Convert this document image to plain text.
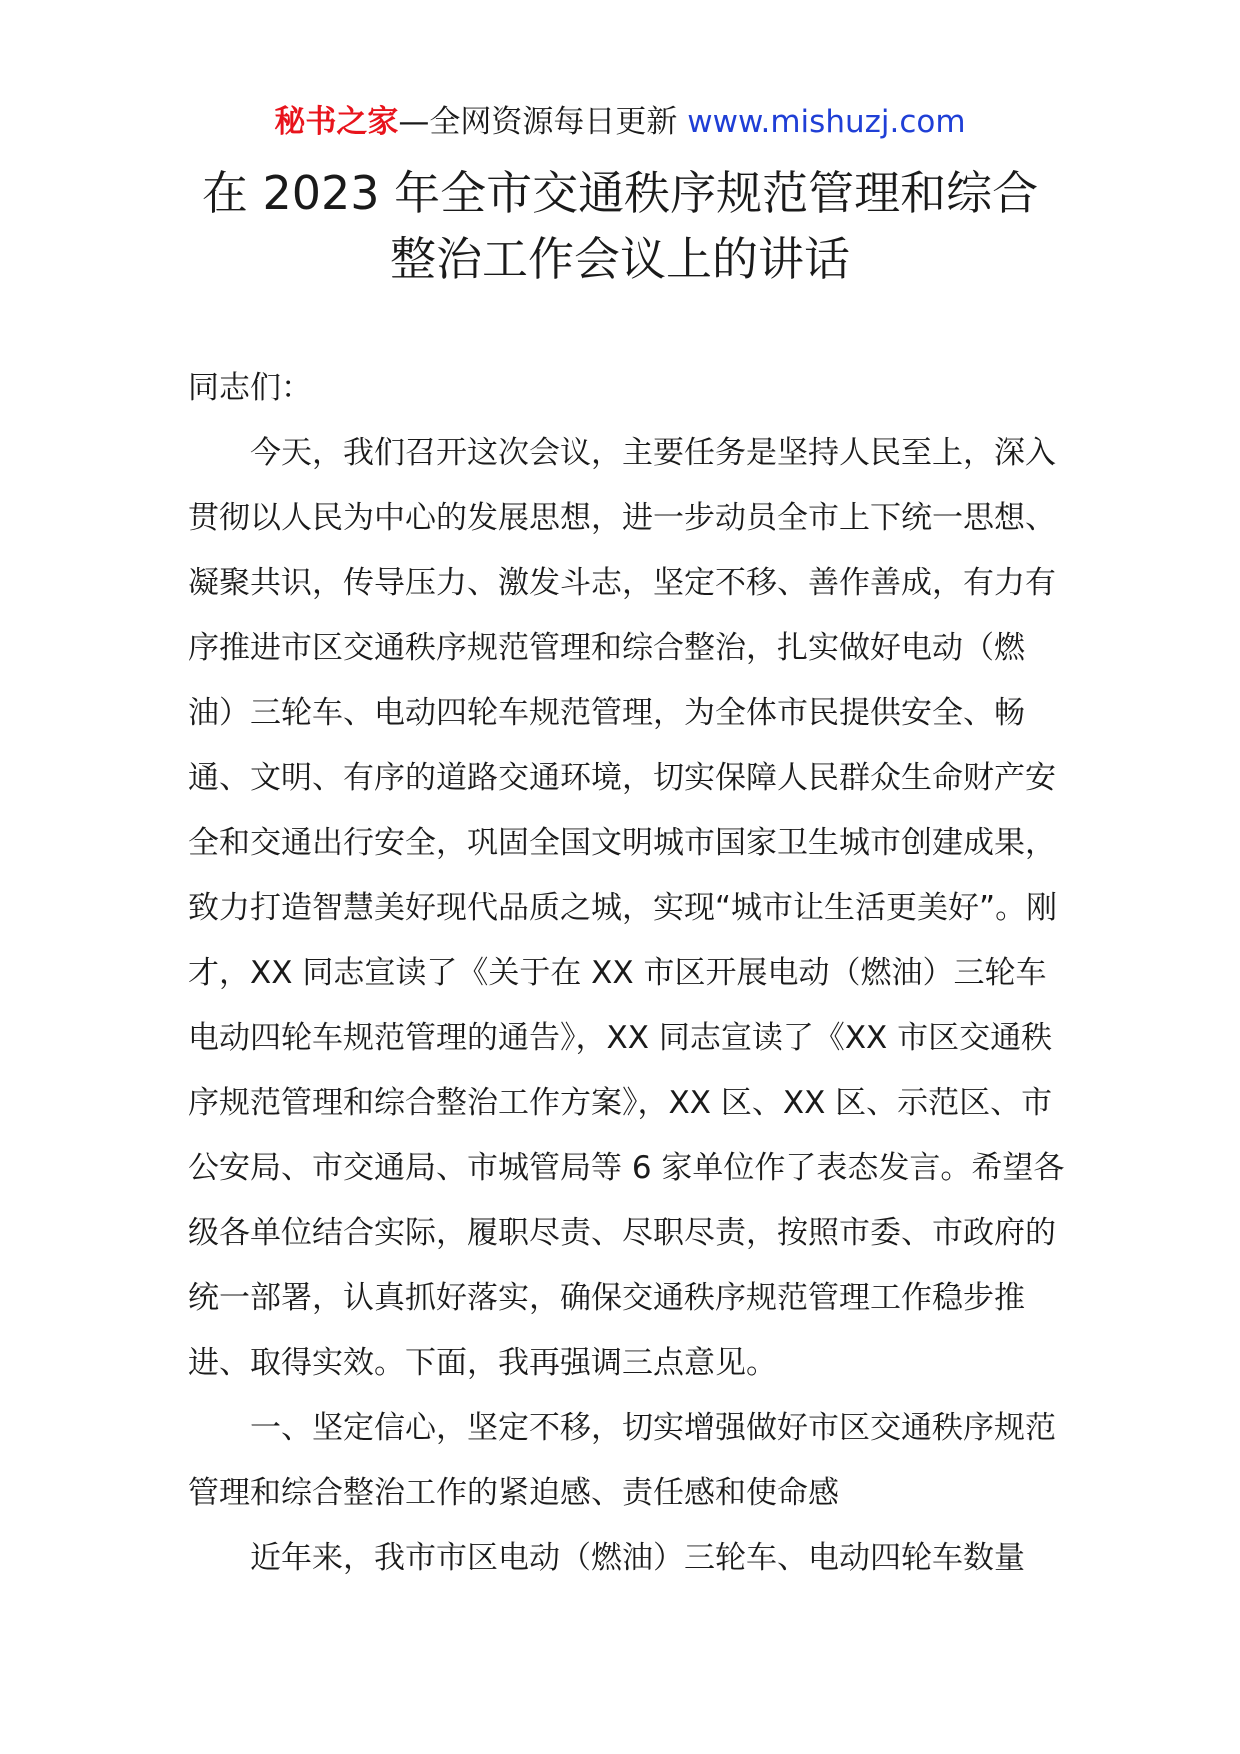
秘书之家—全网资源每日更新 www.mishuzj.com
在 2023 年全市交通秩序规范管理和综合
整治工作会议上的讲话

同志们：

今天，我们召开这次会议，主要任务是坚持人民至上，深入贯彻以人民为中心的发展思想，进一步动员全市上下统一思想、凝聚共识，传导压力、激发斗志，坚定不移、善作善成，有力有序推进市区交通秩序规范管理和综合整治，扎实做好电动（燃油）三轮车、电动四轮车规范管理，为全体市民提供安全、畅通、文明、有序的道路交通环境，切实保障人民群众生命财产安全和交通出行安全，巩固全国文明城市国家卫生城市创建成果，致力打造智慧美好现代品质之城，实现“城市让生活更美好”。刚才，XX 同志宣读了《关于在 XX 市区开展电动（燃油）三轮车电动四轮车规范管理的通告》，XX 同志宣读了《XX 市区交通秩序规范管理和综合整治工作方案》，XX 区、XX 区、示范区、市公安局、市交通局、市城管局等 6 家单位作了表态发言。希望各级各单位结合实际，履职尽责、尽职尽责，按照市委、市政府的统一部署，认真抓好落实，确保交通秩序规范管理工作稳步推进、取得实效。下面，我再强调三点意见。

一、坚定信心，坚定不移，切实增强做好市区交通秩序规范管理和综合整治工作的紧迫感、责任感和使命感

近年来，我市市区电动（燃油）三轮车、电动四轮车数量
